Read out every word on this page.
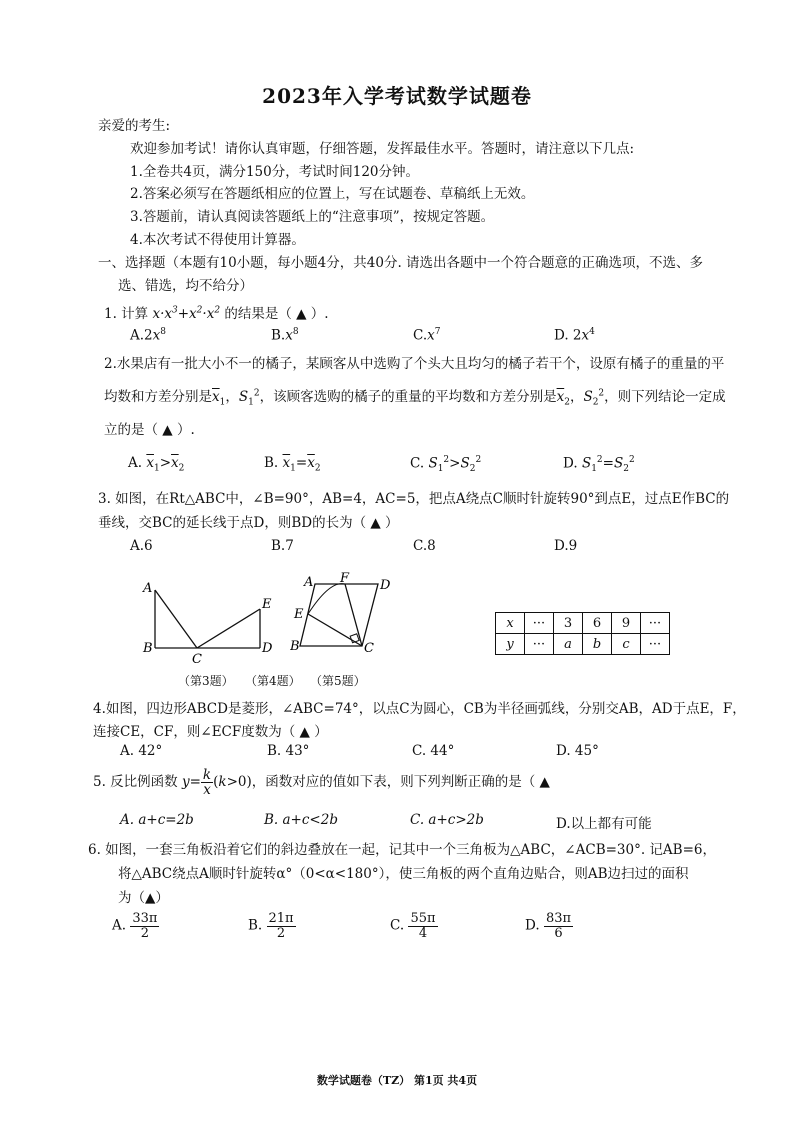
2023年入学考试数学试题卷
亲爱的考生:
欢迎参加考试！请你认真审题，仔细答题，发挥最佳水平。答题时，请注意以下几点:
1.全卷共4页，满分150分，考试时间120分钟。
2.答案必须写在答题纸相应的位置上，写在试题卷、草稿纸上无效。
3.答题前，请认真阅读答题纸上的“注意事项”，按规定答题。
4.本次考试不得使用计算器。
一、选择题（本题有10小题，每小题4分，共40分. 请选出各题中一个符合题意的正确选项，不选、多
选、错选，均不给分）
1. 计算 $x\cdot x^3+x^2\cdot x^2$ 的结果是（ ▲ ）.
$A.2x^8$	$B.x^8$	$C.x^7$	D. $2x^4$
2.水果店有一批大小不一的橘子，某顾客从中选购了个头大且均匀的橘子若干个，设原有橘子的重量的平
均数和方差分别是$\overline{x}_1$，$S_1^2$，该顾客选购的橘子的重量的平均数和方差分别是$\overline{x}_2$，$S_2^2$，则下列结论一定成
立的是（ ▲ ）.
A. $\overline{x}_1>\overline{x}_2$	B. $\overline{x}_1=\overline{x}_2$	C. $S_1^2>S_2^2$	D. $S_1^2=S_2^2$
3. 如图，在Rt△ABC中，∠B=90°，AB=4，AC=5，把点A绕点C顺时针旋转90°到点E，过点E作BC的
垂线，交BC的延长线于点D，则BD的长为（ ▲ ）
A.6	B.7	C.8	D.9
A
B
C
E
D
A F D
E
B	C
（第3题） （第4题） （第5题）
x	···	3	6	9	···
y	···	a	b	c	···
4.如图，四边形ABCD是菱形，∠ABC=74°，以点C为圆心，CB为半径画弧线，分别交AB，AD于点E，F，
连接CE，CF，则∠ECF度数为（ ▲ ）
A. 42°	B. 43°	C. 44°	D. 45°
5. 反比例函数 $y= \frac{k}{x} (k>0)$，函数对应的值如下表，则下列判断正确的是（ ▲
A. a+c=2b	B. a+c<2b	C. a+c>2b	D.以上都有可能
6. 如图，一套三角板沿着它们的斜边叠放在一起，记其中一个三角板为△ABC，∠ACB=30°. 记AB=6，
将△ABC绕点A顺时针旋转α°（0<α<180°），使三角板的两个直角边贴合，则AB边扫过的面积
为（▲）
A. $\frac{33\pi}{2}$	B. $\frac{21\pi}{2}$	C. $\frac{55\pi}{4}$	D. $\frac{83\pi}{6}$
数学试题卷（TZ） 第1页 共4页
